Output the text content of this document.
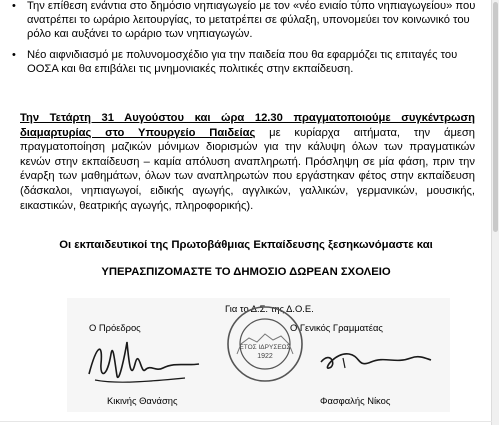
• Την επίθεση ενάντια στο δημόσιο νηπιαγωγείο με τον «νέο ενιαίο τύπο νηπιαγωγείου» που ανατρέπει το ωράριο λειτουργίας, το μετατρέπει σε φύλαξη, υπονομεύει τον κοινωνικό του ρόλο και αυξάνει το ωράριο των νηπιαγωγών.
• Νέο αιφνιδιασμό με πολυνομοσχέδιο για την παιδεία που θα εφαρμόζει τις επιταγές του ΟΟΣΑ και θα επιβάλει τις μνημονιακές πολιτικές στην εκπαίδευση.
Την Τετάρτη 31 Αυγούστου και ώρα 12.30 πραγματοποιούμε συγκέντρωση διαμαρτυρίας στο Υπουργείο Παιδείας με κυρίαρχα αιτήματα, την άμεση πραγματοποίηση μαζικών μόνιμων διορισμών για την κάλυψη όλων των πραγματικών κενών στην εκπαίδευση – καμία απόλυση αναπληρωτή. Πρόσληψη σε μία φάση, πριν την έναρξη των μαθημάτων, όλων των αναπληρωτών που εργάστηκαν φέτος στην εκπαίδευση (δάσκαλοι, νηπιαγωγοί, ειδικής αγωγής, αγγλικών, γαλλικών, γερμανικών, μουσικής, εικαστικών, θεατρικής αγωγής, πληροφορικής).
Οι εκπαιδευτικοί της Πρωτοβάθμιας Εκπαίδευσης ξεσηκωνόμαστε και
ΥΠΕΡΑΣΠΙΖΟΜΑΣΤΕ ΤΟ ΔΗΜΟΣΙΟ ΔΩΡΕΑΝ ΣΧΟΛΕΙΟ
Για το Δ.Σ. της Δ.Ο.Ε.
Ο Πρόεδρος	Ο Γενικός Γραμματέας
ΕΤΟΣ ΙΔΡΥΣΕΩΣ
1922
Κικινής Θανάσης	Φασφαλής Νίκος
